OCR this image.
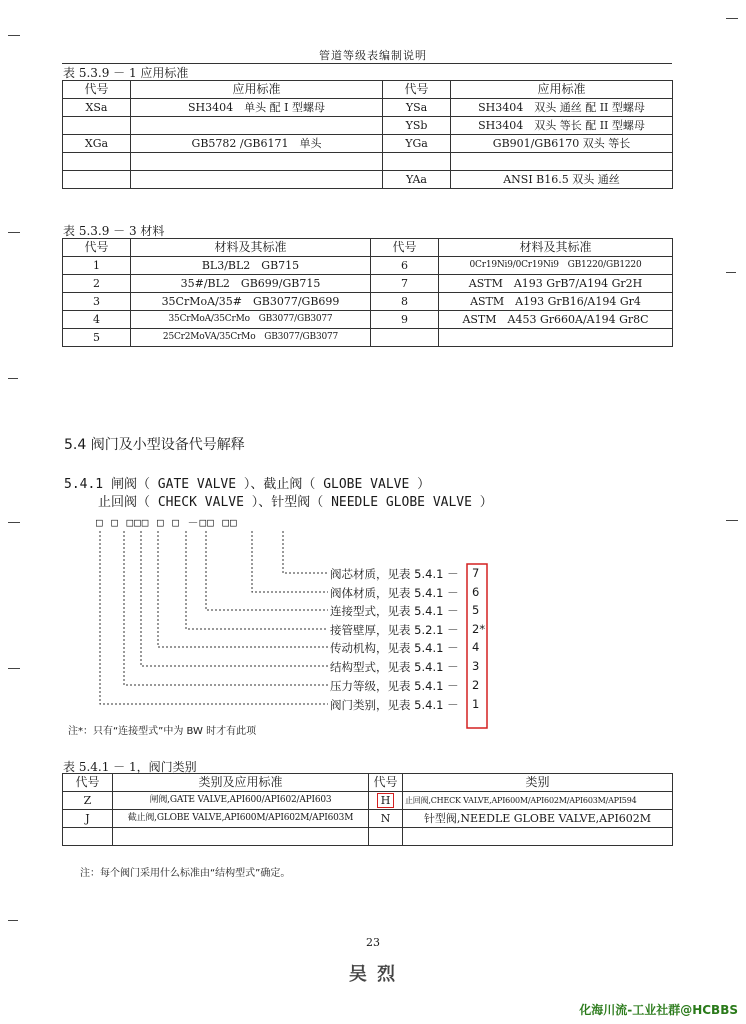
管道等级表编制说明
表 5.3.9 － 1 应用标准
代号	应用标准	代号	应用标准
XSa	SH3404　单头 配 I 型螺母	YSa	SH3404　双头 通丝 配 II 型螺母
		YSb	SH3404　双头 等长 配 II 型螺母
XGa	GB5782 /GB6171　单头	YGa	GB901/GB6170 双头 等长

		YAa	ANSI B16.5 双头 通丝
表 5.3.9 － 3 材料
代号	材料及其标准	代号	材料及其标准
1	BL3/BL2　GB715	6	0Cr19Ni9/0Cr19Ni9　GB1220/GB1220
2	35#/BL2　GB699/GB715	7	ASTM　A193 GrB7/A194 Gr2H
3	35CrMoA/35#　GB3077/GB699	8	ASTM　A193 GrB16/A194 Gr4
4	35CrMoA/35CrMo　GB3077/GB3077	9	ASTM　A453 Gr660A/A194 Gr8C
5	25Cr2MoVA/35CrMo　GB3077/GB3077		
5.4 阀门及小型设备代号解释
5.4.1 闸阀（ GATE VALVE ）、截止阀（ GLOBE VALVE ）
止回阀（ CHECK VALVE ）、针型阀（ NEEDLE GLOBE VALVE ）
□ □ □□□ □ □ －□□ □□
阀芯材质，见表 5.4.1 －
阀体材质，见表 5.4.1 －
连接型式，见表 5.4.1 －
接管壁厚，见表 5.2.1 －
传动机构，见表 5.4.1 －
结构型式，见表 5.4.1 －
压力等级，见表 5.4.1 －
阀门类别，见表 5.4.1 －
7
6
5
2*
4
3
2
1
注*：只有“连接型式”中为 BW 时才有此项
表 5.4.1 － 1，阀门类别
代号	类别及应用标准	代号	类别
Z	闸阀,GATE VALVE,API600/API602/API603	H	止回阀,CHECK VALVE,API600M/API602M/API603M/API594
J	截止阀,GLOBE VALVE,API600M/API602M/API603M	N	针型阀,NEEDLE GLOBE VALVE,API602M

注：每个阀门采用什么标准由“结构型式”确定。
23
吴 烈
化海川流-工业社群@HCBBS
